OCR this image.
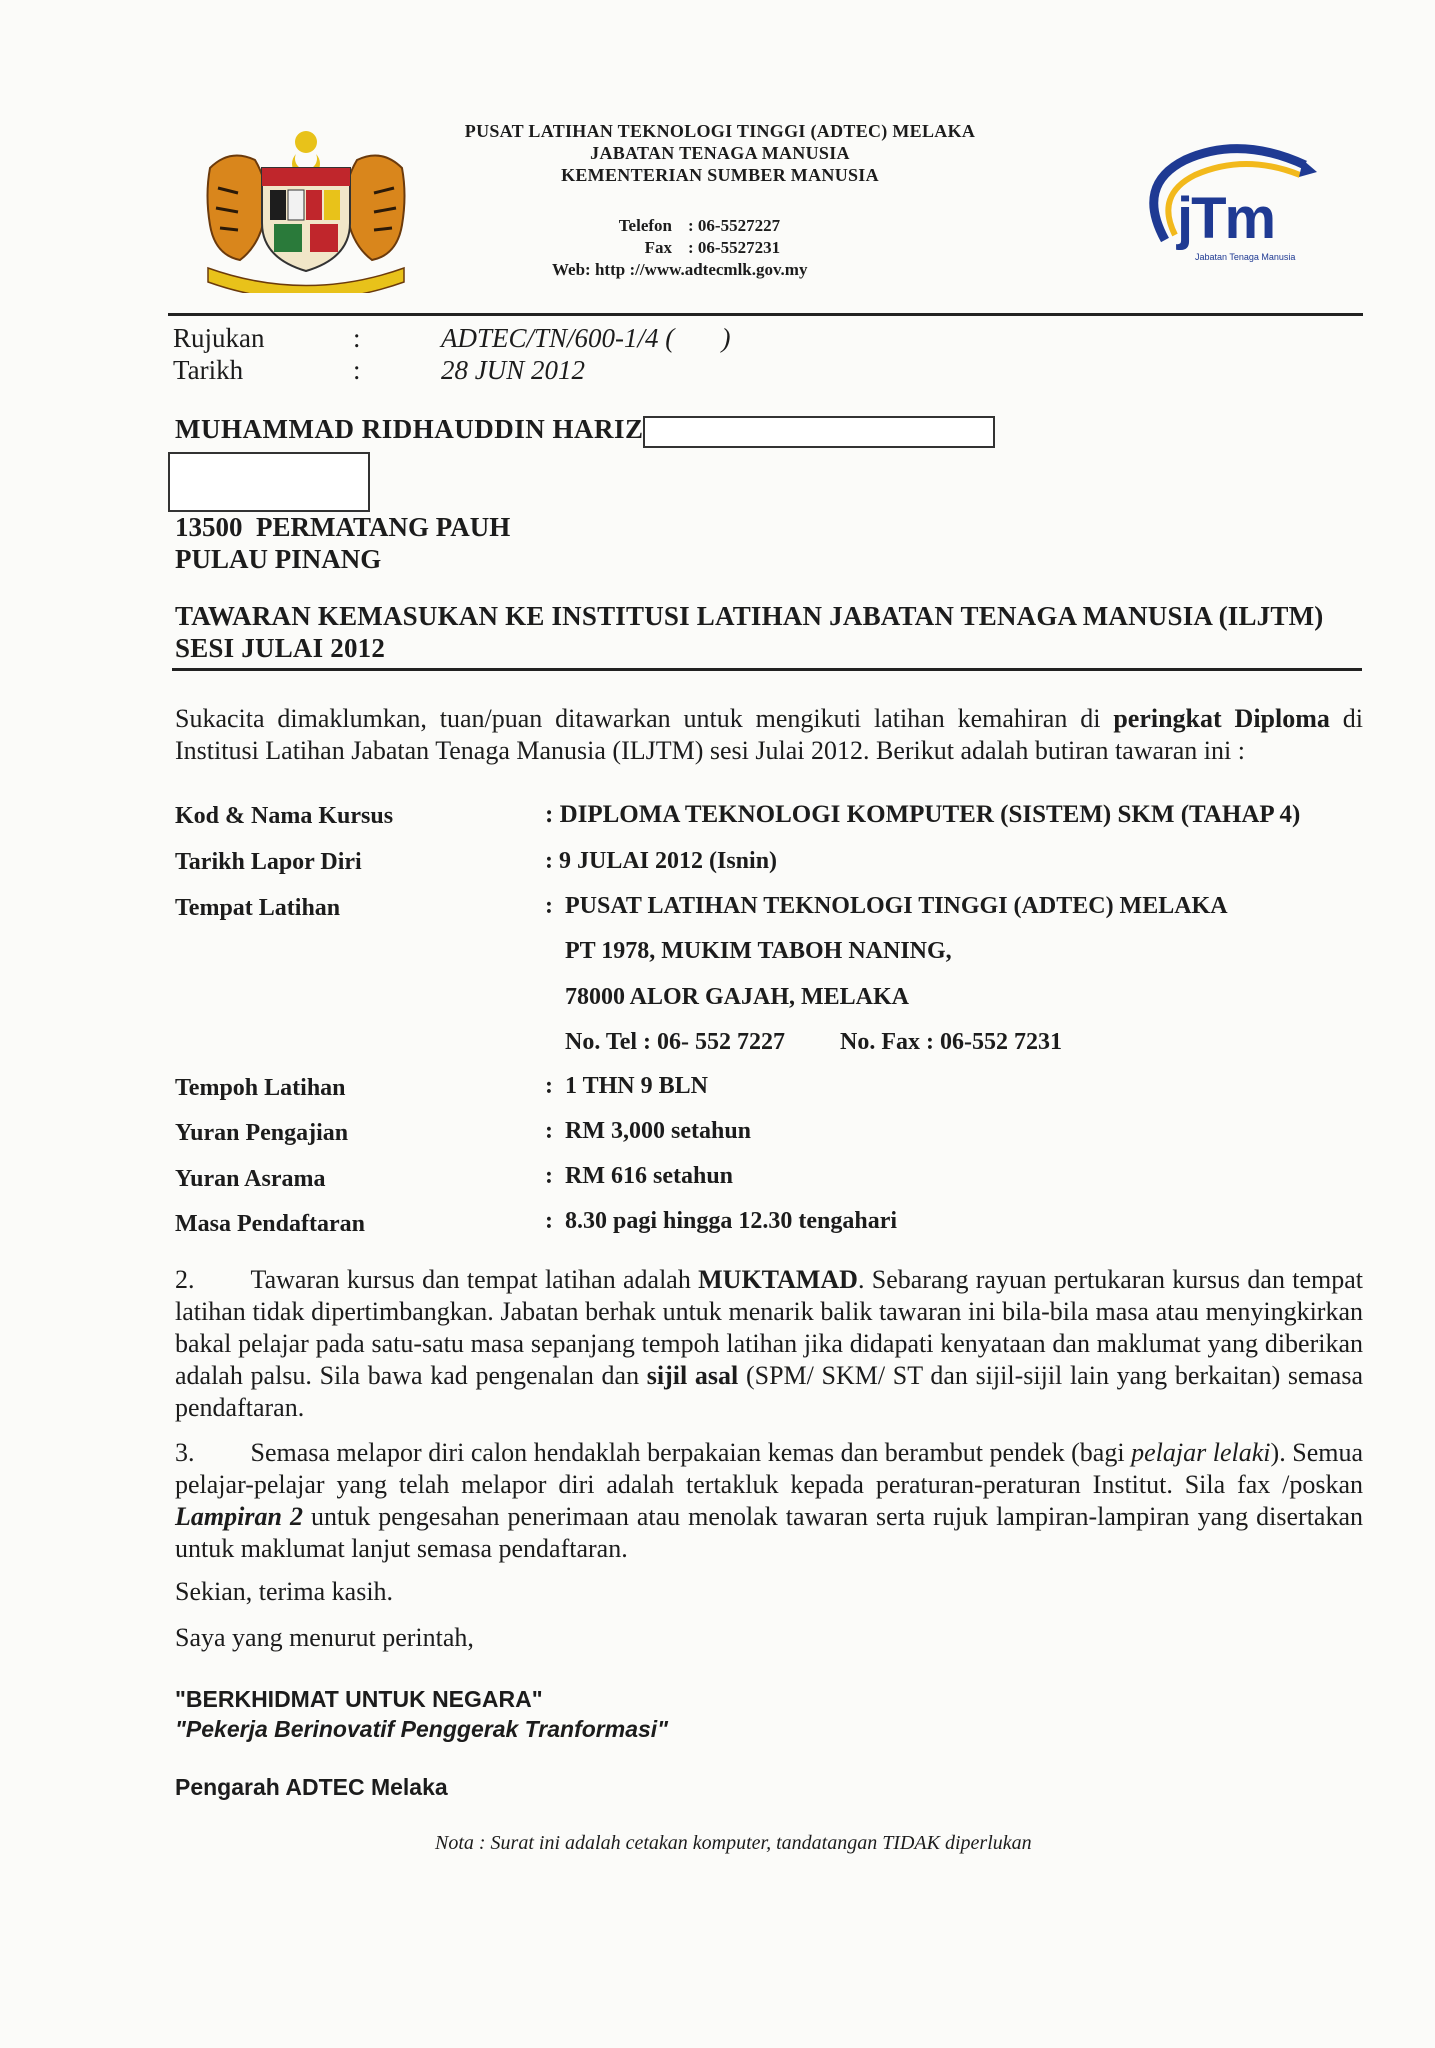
jTm
Jabatan Tenaga Manusia
PUSAT LATIHAN TEKNOLOGI TINGGI (ADTEC) MELAKA
JABATAN TENAGA MANUSIA
KEMENTERIAN SUMBER MANUSIA
Telefon : 06-5527227
Fax : 06-5527231
Web: http ://www.adtecmlk.gov.my
Rujukan	:	ADTEC/TN/600-1/4 (       )
Tarikh	:	28 JUN 2012
MUHAMMAD RIDHAUDDIN HARIZ
13500  PERMATANG PAUH
PULAU PINANG
TAWARAN KEMASUKAN KE INSTITUSI LATIHAN JABATAN TENAGA MANUSIA (ILJTM)
SESI JULAI 2012
Sukacita dimaklumkan, tuan/puan ditawarkan untuk mengikuti latihan kemahiran di peringkat Diploma di Institusi Latihan Jabatan Tenaga Manusia (ILJTM) sesi Julai 2012. Berikut adalah butiran tawaran ini :
Kod & Nama Kursus	: DIPLOMA TEKNOLOGI KOMPUTER (SISTEM) SKM (TAHAP 4)
Tarikh Lapor Diri	: 9 JULAI 2012 (Isnin)
Tempat Latihan	: PUSAT LATIHAN TEKNOLOGI TINGGI (ADTEC) MELAKA
PT 1978, MUKIM TABOH NANING,
78000 ALOR GAJAH, MELAKA
No. Tel : 06- 552 7227 No. Fax : 06-552 7231
Tempoh Latihan	: 1 THN 9 BLN
Yuran Pengajian	: RM 3,000 setahun
Yuran Asrama	: RM 616 setahun
Masa Pendaftaran	: 8.30 pagi hingga 12.30 tengahari
2. Tawaran kursus dan tempat latihan adalah MUKTAMAD. Sebarang rayuan pertukaran kursus dan tempat latihan tidak dipertimbangkan. Jabatan berhak untuk menarik balik tawaran ini bila-bila masa atau menyingkirkan bakal pelajar pada satu-satu masa sepanjang tempoh latihan jika didapati kenyataan dan maklumat yang diberikan adalah palsu. Sila bawa kad pengenalan dan sijil asal (SPM/ SKM/ ST dan sijil-sijil lain yang berkaitan) semasa pendaftaran.
3. Semasa melapor diri calon hendaklah berpakaian kemas dan berambut pendek (bagi pelajar lelaki). Semua pelajar-pelajar yang telah melapor diri adalah tertakluk kepada peraturan-peraturan Institut. Sila fax /poskan Lampiran 2 untuk pengesahan penerimaan atau menolak tawaran serta rujuk lampiran-lampiran yang disertakan untuk maklumat lanjut semasa pendaftaran.
Sekian, terima kasih.
Saya yang menurut perintah,
"BERKHIDMAT UNTUK NEGARA"
"Pekerja Berinovatif Penggerak Tranformasi"
Pengarah ADTEC Melaka
Nota : Surat ini adalah cetakan komputer, tandatangan TIDAK diperlukan
